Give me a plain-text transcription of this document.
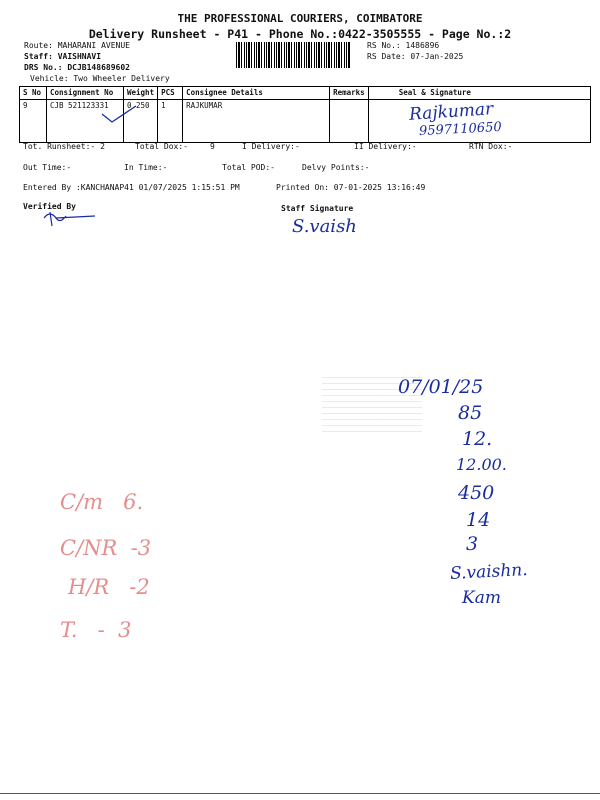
THE PROFESSIONAL COURIERS, COIMBATORE
Delivery Runsheet - P41 - Phone No.:0422-3505555 - Page No.:2
Route: MAHARANI AVENUE
Staff: VAISHNAVI
DRS No.: DCJB148689602
Vehicle: Two Wheeler Delivery
RS No.: 1486896
RS Date: 07-Jan-2025
S No	Consignment No	Weight	PCS	Consignee Details	Remarks	Seal & Signature
9	CJB 521123331	0.250	1	RAJKUMAR		Rajkumar
9597110650
Tot. Runsheet:- 2	Total Dox:-	9	I Delivery:-	II Delivery:-	RTN Dox:-
Out Time:-	In Time:-	Total POD:-	Delvy Points:-
Entered By :KANCHANAP41 01/07/2025 1:15:51 PM	Printed On: 07-01-2025 13:16:49
Verified By	Staff Signature
S.vaish
07/01/25
85
12.
12.00.
450
14
3
S.vaishn.
Kam
C/m   6.
C/NR  -3
H/R   -2
T.   -  3
